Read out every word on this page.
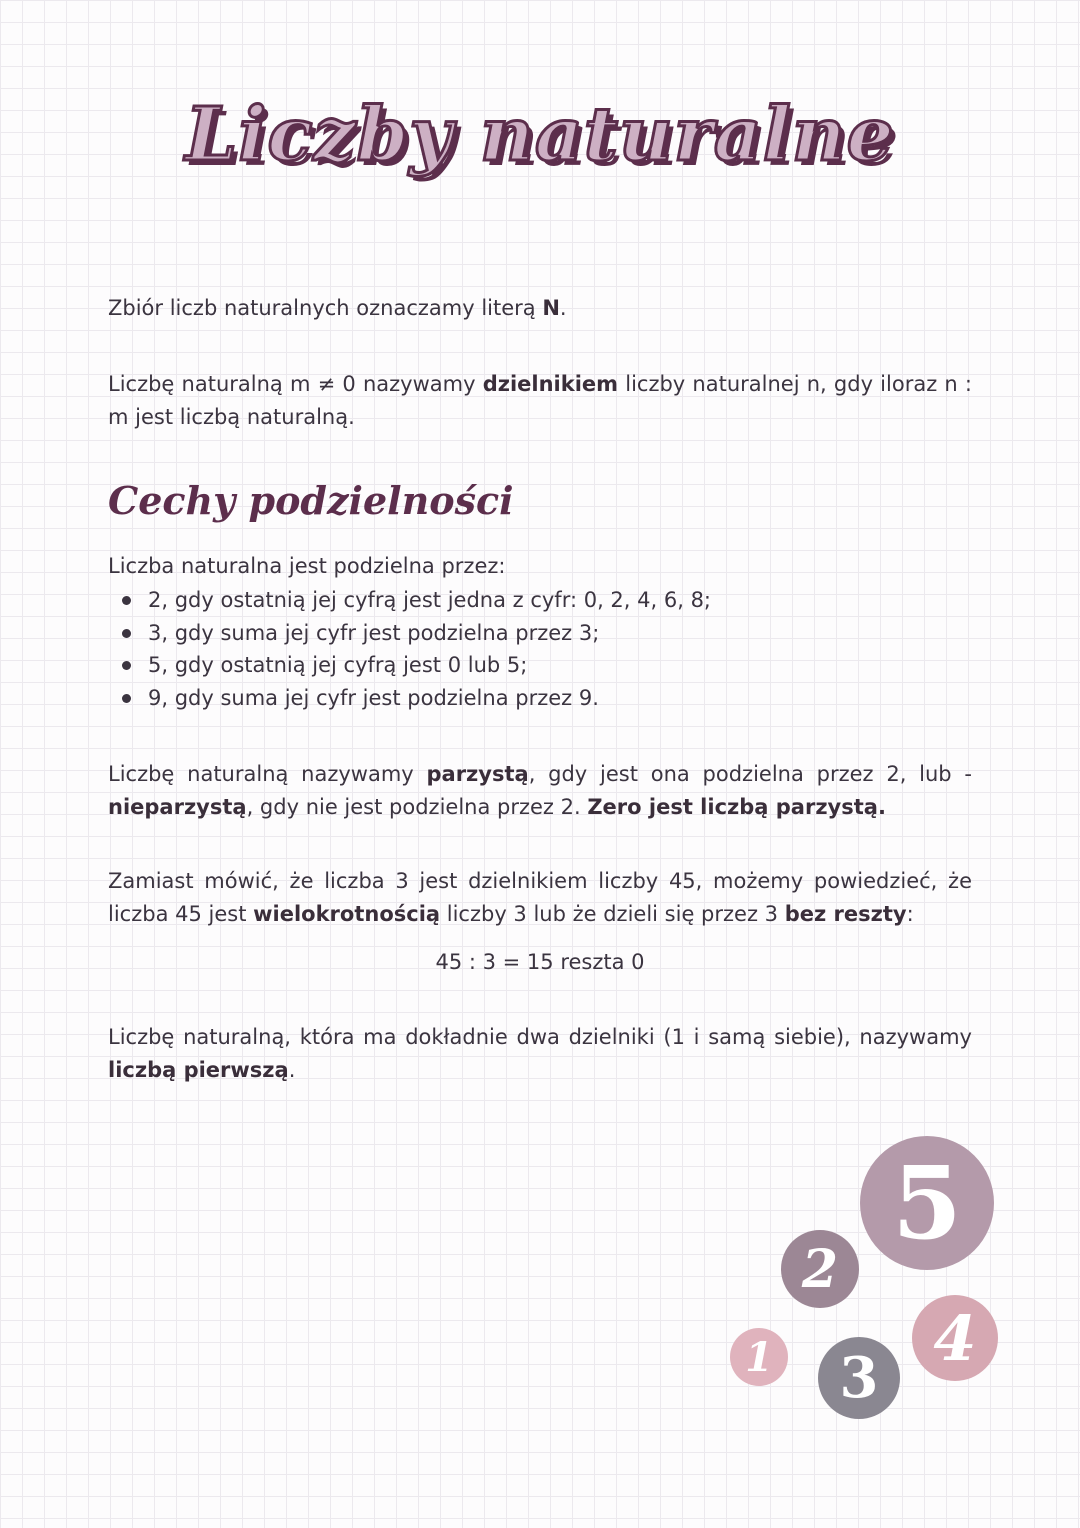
Liczby naturalne

Zbiór liczb naturalnych oznaczamy literą N.

Liczbę naturalną m ≠ 0 nazywamy dzielnikiem liczby naturalnej n, gdy iloraz n : m jest liczbą naturalną.

Cechy podzielności

Liczba naturalna jest podzielna przez:

2, gdy ostatnią jej cyfrą jest jedna z cyfr: 0, 2, 4, 6, 8;
3, gdy suma jej cyfr jest podzielna przez 3;
5, gdy ostatnią jej cyfrą jest 0 lub 5;
9, gdy suma jej cyfr jest podzielna przez 9.

Liczbę naturalną nazywamy parzystą, gdy jest ona podzielna przez 2, lub - nieparzystą, gdy nie jest podzielna przez 2. Zero jest liczbą parzystą.

Zamiast mówić, że liczba 3 jest dzielnikiem liczby 45, możemy powiedzieć, że liczba 45 jest wielokrotnością liczby 3 lub że dzieli się przez 3 bez reszty:

45 : 3 = 15 reszta 0

Liczbę naturalną, która ma dokładnie dwa dzielniki (1 i samą siebie), nazywamy liczbą pierwszą.

5
2
4
1	3
